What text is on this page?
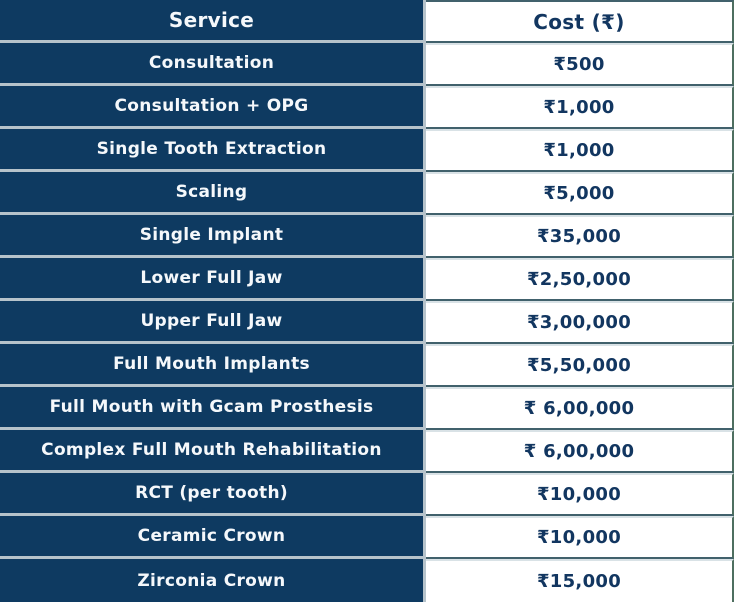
Service	Cost (₹)
Consultation	₹500
Consultation + OPG	₹1,000
Single Tooth Extraction	₹1,000
Scaling	₹5,000
Single Implant	₹35,000
Lower Full Jaw	₹2,50,000
Upper Full Jaw	₹3,00,000
Full Mouth Implants	₹5,50,000
Full Mouth with Gcam Prosthesis	₹ 6,00,000
Complex Full Mouth Rehabilitation	₹ 6,00,000
RCT (per tooth)	₹10,000
Ceramic Crown	₹10,000
Zirconia Crown	₹15,000
